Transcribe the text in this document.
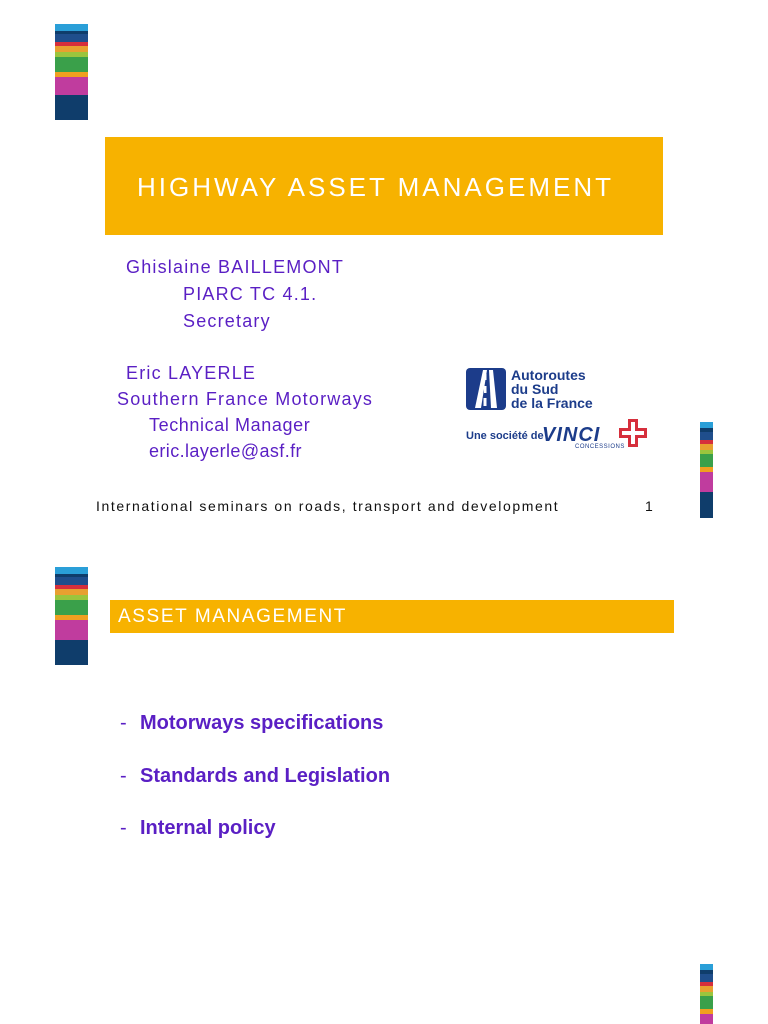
HIGHWAY ASSET MANAGEMENT
Ghislaine BAILLEMONT
PIARC TC 4.1.
Secretary
Eric LAYERLE
Southern France Motorways
Technical Manager
eric.layerle@asf.fr
Autoroutes
du Sud
de la France
Une société de
VINCI
CONCESSIONS
International seminars on roads, transport and development	1
ASSET MANAGEMENT
- Motorways specifications
- Standards and Legislation
- Internal policy
